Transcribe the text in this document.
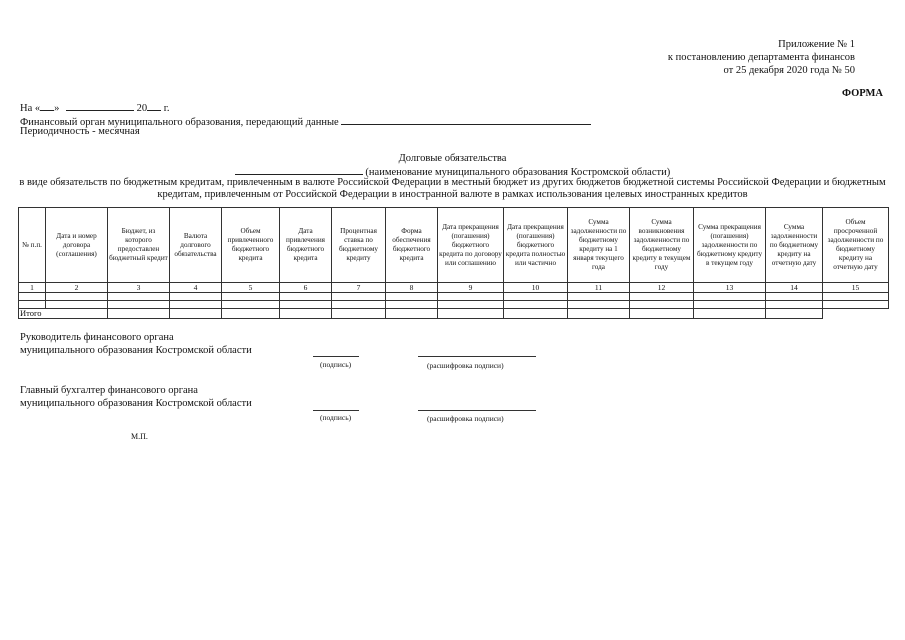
Приложение № 1
к постановлению департамента финансов
от 25 декабря 2020 года № 50
ФОРМА
На « »	20 г.
Финансовый орган муниципального образования, передающий данные
Периодичность - месячная
Долговые обязательства
(наименование муниципального образования Костромской области)
в виде обязательств по бюджетным кредитам, привлеченным в валюте Российской Федерации в местный бюджет из других бюджетов бюджетной системы Российской Федерации и бюджетным
кредитам, привлеченным от Российской Федерации в иностранной валюте в рамках использования целевых иностранных кредитов
№ п.п.	Дата и номер договора (соглашения)	Бюджет, из которого предоставлен бюджетный кредит	Валюта долгового обязательства	Объем привлеченного бюджетного кредита	Дата привлечения бюджетного кредита	Процентная ставка по бюджетному кредиту	Форма обеспечения бюджетного кредита	Дата прекращения (погашения) бюджетного кредита по договору или соглашению	Дата прекращения (погашения) бюджетного кредита полностью или частично	Сумма задолженности по бюджетному кредиту на 1 января текущего года	Сумма возникновения задолженности по бюджетному кредиту в текущем году	Сумма прекращения (погашения) задолженности по бюджетному кредиту в текущем году	Сумма задолженности по бюджетному кредиту на отчетную дату	Объем просроченной задолженности по бюджетному кредиту на отчетную дату
1	2	3	4	5	6	7	8	9	10	11	12	13	14	15

Итого														
Руководитель финансового органа
муниципального образования Костромской области
(подпись)	(расшифровка подписи)
Главный бухгалтер финансового органа
муниципального образования Костромской области
(подпись)	(расшифровка подписи)
М.П.
